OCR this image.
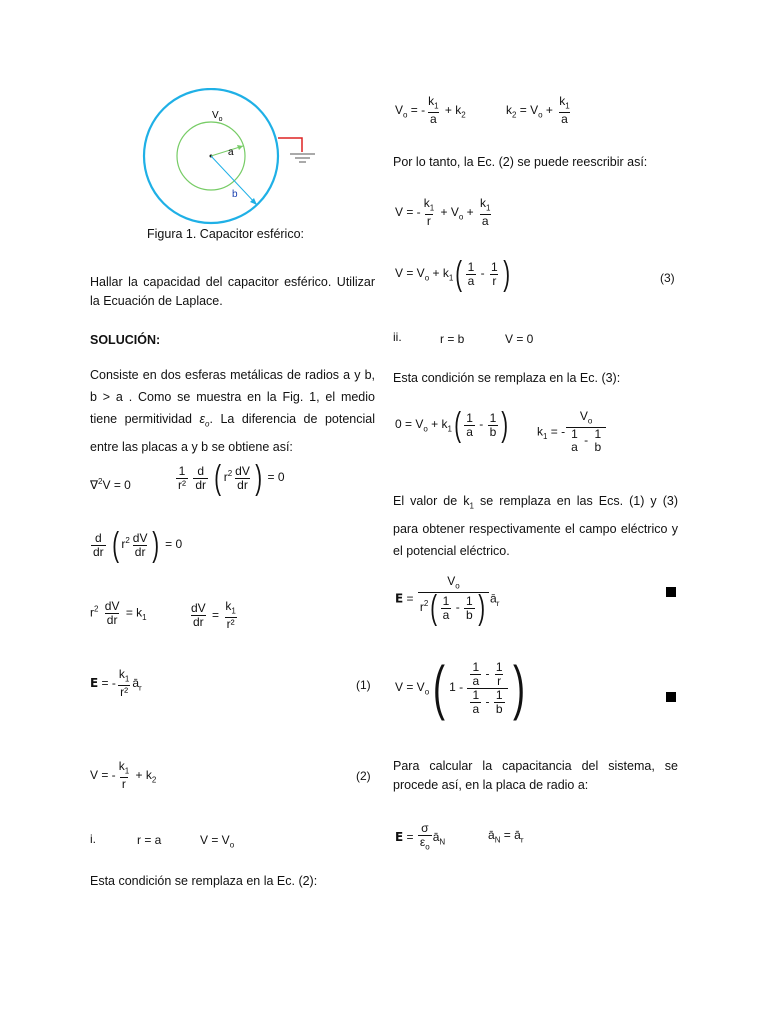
$V_o$
a
b
Figura 1. Capacitor esférico:
Hallar la capacidad del capacitor esférico. Utilizar la Ecuación de Laplace.
SOLUCIÓN:
Consiste en dos esferas metálicas de radios a y b, b > a . Como se muestra en la Fig. 1, el medio tiene permitividad $\varepsilon_o$. La diferencia de potencial entre las placas a y b se obtiene así:
∇$^2$V = 0	$\frac{1}{\text{r²}}$
$\frac{d}{dr}$ ( $r^2 \frac{dV}{dr}$ ) = 0
$\frac{d}{dr}$ ( $r^2 \frac{dV}{dr}$ ) = 0
$r^2 \frac{dV}{dr} = k_1$	$\frac{dV}{dr} = \frac{k_1}{\text{r²}}$
E = - $\frac{k_1}{\text{r²}}$ $ā_r$	(1)
V = - $\frac{k_1}{r} + k_2$	(2)
i.	r = a	$V = V_o$
Esta condición se remplaza en la Ec. (2):
$V_o$ = - $\frac{k_1}{a} + k_2$	$k_2 = V_o + \frac{k_1}{a}$
Por lo tanto, la Ec. (2) se puede reescribir así:
V = - $\frac{k_1}{r} + V_o + \frac{k_1}{a}$
$V = V_o + k_1( \frac{1}{a} - \frac{1}{r}$ )	(3)
ii.	r = b	V = 0
Esta condición se remplaza en la Ec. (3):
$0 = V_o + k_1( \frac{1}{a} - \frac{1}{b}$ ) $k_1$ = - $V_o$
1
a - 1
b
El valor de $k_1$ se remplaza en las Ecs. (1) y (3) para obtener respectivamente el campo eléctrico y el potencial eléctrico.
$E = \frac{V_o}{r^2( \frac{1}{a} - \frac{1}{b} )}$ $ā_r$
$V = V_o$( $1 - \frac{\frac{1}{a} - \frac{1}{r}}{\frac{1}{a} - \frac{1}{b}}$ )
Para calcular la capacitancia del sistema, se procede así, en la placa de radio a:
$E = \frac{\sigma}{\varepsilon_o}$ $ā_N$	$ā_N$ = $ā_r$
